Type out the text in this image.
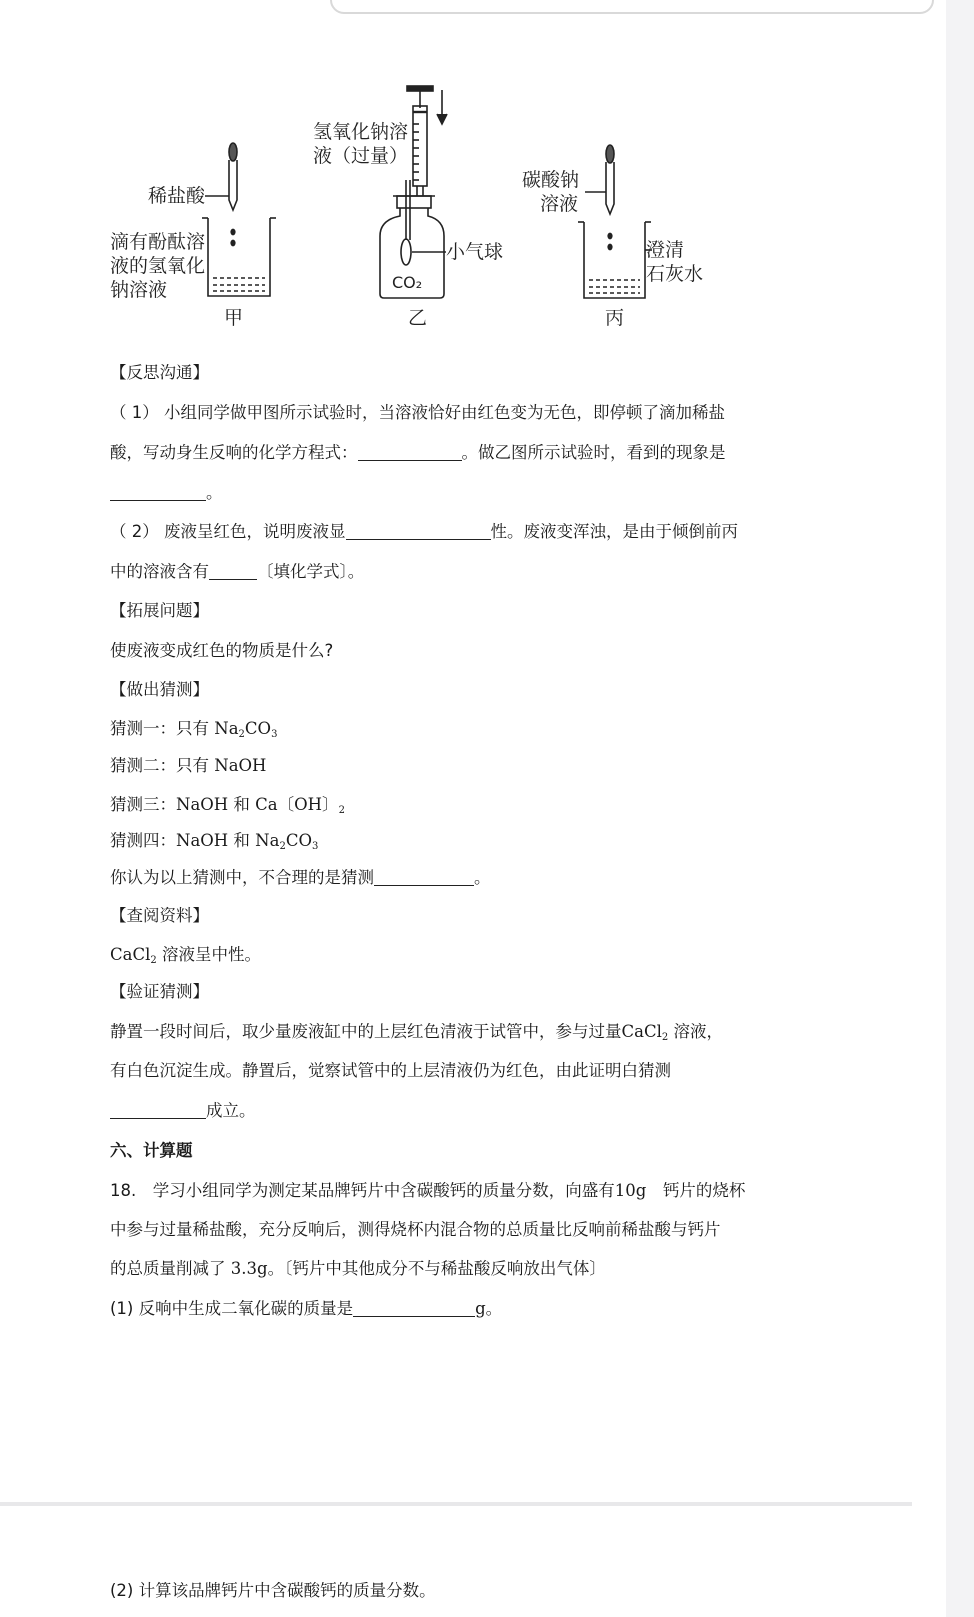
稀盐酸
滴有酚酞溶
液的氢氧化
钠溶液
甲
氢氧化钠溶
液（过量）
小气球
CO₂
乙
碳酸钠
溶液
澄清
石灰水
丙
【反思沟通】
（ 1） 小组同学做甲图所示试验时，当溶液恰好由红色变为无色，即停顿了滴加稀盐
酸，写动身生反响的化学方程式：	。做乙图所示试验时，看到的现象是
。
（ 2） 废液呈红色，说明废液显	性。废液变浑浊，是由于倾倒前丙
中的溶液含有	〔填化学式〕。
【拓展问题】
使废液变成红色的物质是什么?
【做出猜测】
猜测一：只有 $Na_2CO_3$
猜测二：只有 NaOH
猜测三：NaOH 和 Ca〔OH〕$_2$
猜测四：NaOH 和 $Na_2CO_3$
你认为以上猜测中，不合理的是猜测	。
【查阅资料】
CaCl$_2$ 溶液呈中性。
【验证猜测】
静置一段时间后，取少量废液缸中的上层红色清液于试管中，参与过量CaCl$_2$ 溶液，
有白色沉淀生成。静置后，觉察试管中的上层清液仍为红色，由此证明白猜测
成立。
六、计算题
18.　学习小组同学为测定某品牌钙片中含碳酸钙的质量分数，向盛有10g　钙片的烧杯
中参与过量稀盐酸，充分反响后，测得烧杯内混合物的总质量比反响前稀盐酸与钙片
的总质量削减了 3.3g。〔钙片中其他成分不与稀盐酸反响放出气体〕
(1) 反响中生成二氧化碳的质量是	g。
(2) 计算该品牌钙片中含碳酸钙的质量分数。
